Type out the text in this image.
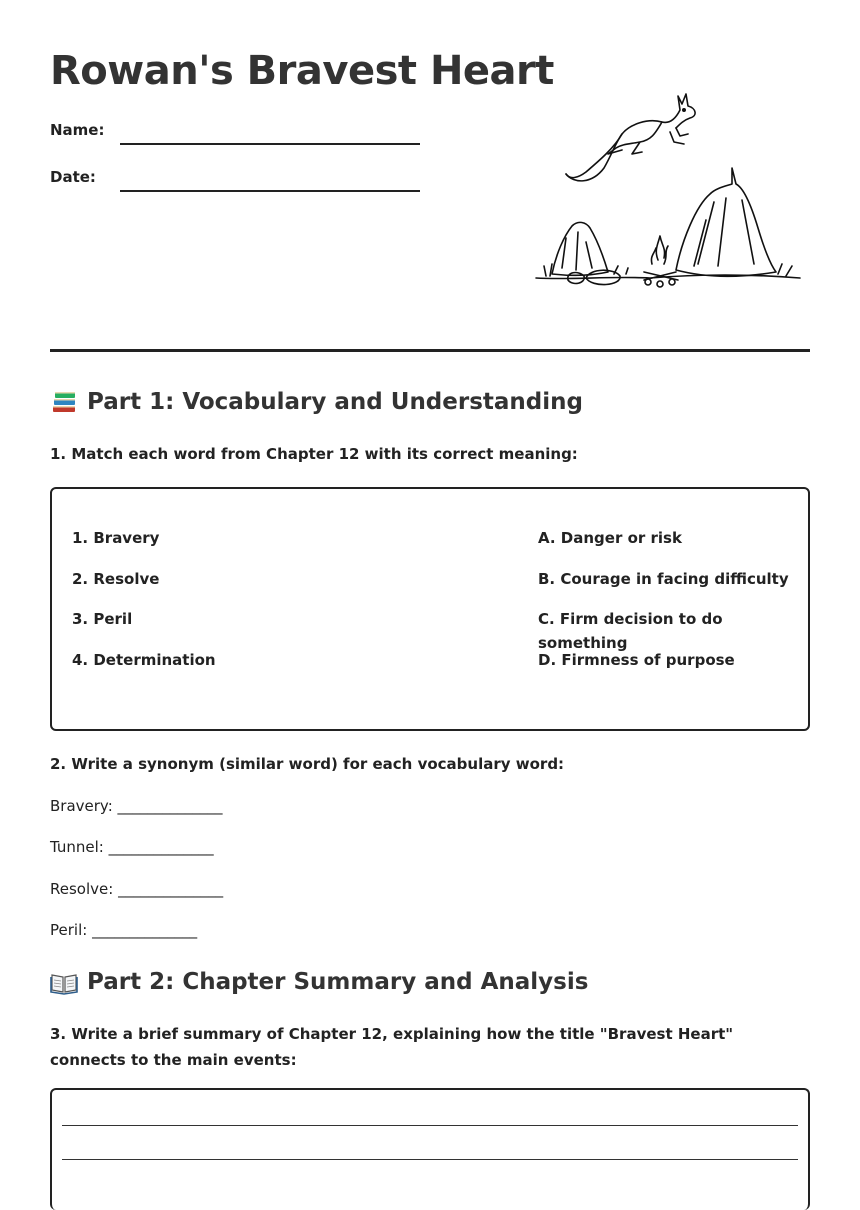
Rowan's Bravest Heart
Name:
Date:
Part 1: Vocabulary and Understanding
1. Match each word from Chapter 12 with its correct meaning:
1. Bravery
2. Resolve
3. Peril
4. Determination
A. Danger or risk
B. Courage in facing difficulty
C. Firm decision to do something
D. Firmness of purpose
2. Write a synonym (similar word) for each vocabulary word:
Bravery: ______________
Tunnel: ______________
Resolve: ______________
Peril: ______________
Part 2: Chapter Summary and Analysis
3. Write a brief summary of Chapter 12, explaining how the title "Bravest Heart" connects to the main events:
